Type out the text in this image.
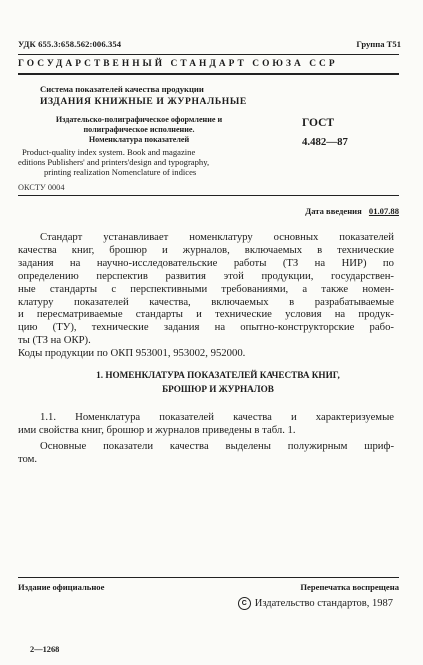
УДК 655.3:658.562:006.354	Группа Т51
ГОСУДАРСТВЕННЫЙ СТАНДАРТ СОЮЗА ССР
Система показателей качества продукции
ИЗДАНИЯ КНИЖНЫЕ И ЖУРНАЛЬНЫЕ
Издательско-полиграфическое оформление и
полиграфическое исполнение.
Номенклатура показателей
Product-quality index system. Book and magazine
editions Publishers' and printers'design and typography,
printing realization Nomenclature of indices
ГОСТ
4.482—87
ОКСТУ 0004
Дата введения 01.07.88
Стандарт устанавливает номенклатуру основных показателей
качества книг, брошюр и журналов, включаемых в технические
задания на научно-исследовательские работы (ТЗ на НИР) по
определению перспектив развития этой продукции, государствен-
ные стандарты с перспективными требованиями, а также номен-
клатуру показателей качества, включаемых в разрабатываемые
и пересматриваемые стандарты и технические условия на продук-
цию (ТУ), технические задания на опытно-конструкторские рабо-
ты (ТЗ на ОКР).
Коды продукции по ОКП 953001, 953002, 952000.
1. НОМЕНКЛАТУРА ПОКАЗАТЕЛЕЙ КАЧЕСТВА КНИГ,
БРОШЮР И ЖУРНАЛОВ
1.1. Номенклатура показателей качества и характеризуемые
ими свойства книг, брошюр и журналов приведены в табл. 1.
Основные показатели качества выделены полужирным шриф-
том.
Издание официальное	Перепечатка воспрещена
C Издательство стандартов, 1987
2—1268
